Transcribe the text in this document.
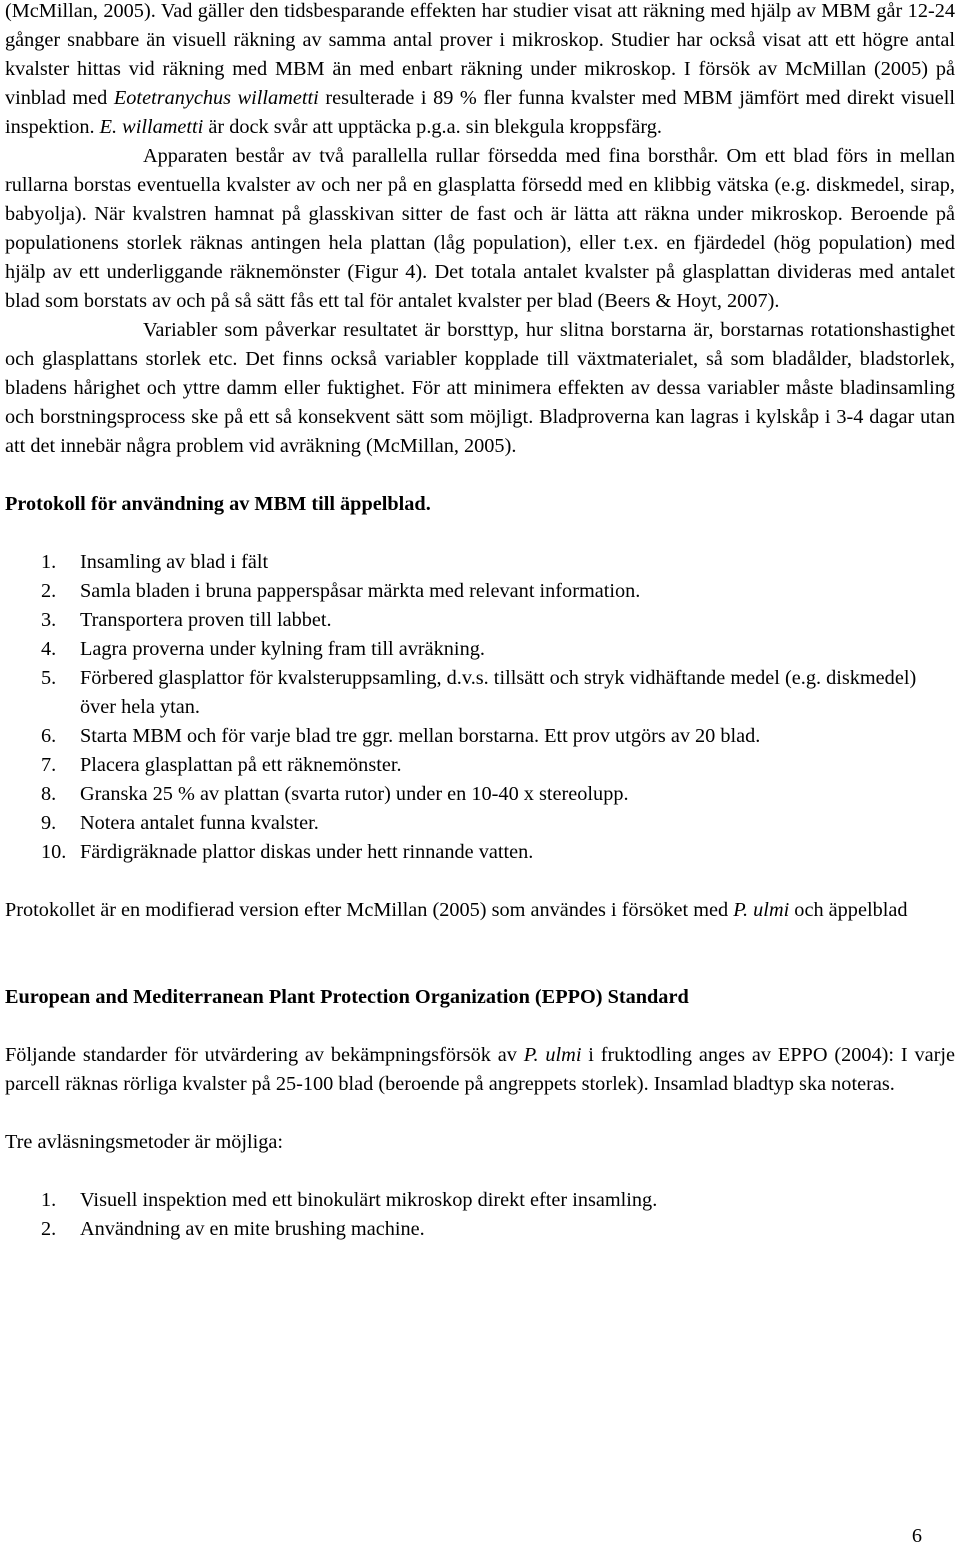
(McMillan, 2005). Vad gäller den tidsbesparande effekten har studier visat att räkning med hjälp av MBM går 12-24 gånger snabbare än visuell räkning av samma antal prover i mikroskop. Studier har också visat att ett högre antal kvalster hittas vid räkning med MBM än med enbart räkning under mikroskop. I försök av McMillan (2005) på vinblad med Eotetranychus willametti resulterade i 89 % fler funna kvalster med MBM jämfört med direkt visuell inspektion. E. willametti är dock svår att upptäcka p.g.a. sin blekgula kroppsfärg.

Apparaten består av två parallella rullar försedda med fina borsthår. Om ett blad förs in mellan rullarna borstas eventuella kvalster av och ner på en glasplatta försedd med en klibbig vätska (e.g. diskmedel, sirap, babyolja). När kvalstren hamnat på glasskivan sitter de fast och är lätta att räkna under mikroskop. Beroende på populationens storlek räknas antingen hela plattan (låg population), eller t.ex. en fjärdedel (hög population) med hjälp av ett underliggande räknemönster (Figur 4). Det totala antalet kvalster på glasplattan divideras med antalet blad som borstats av och på så sätt fås ett tal för antalet kvalster per blad (Beers & Hoyt, 2007).

Variabler som påverkar resultatet är borsttyp, hur slitna borstarna är, borstarnas rotationshastighet och glasplattans storlek etc. Det finns också variabler kopplade till växtmaterialet, så som bladålder, bladstorlek, bladens hårighet och yttre damm eller fuktighet. För att minimera effekten av dessa variabler måste bladinsamling och borstningsprocess ske på ett så konsekvent sätt som möjligt. Bladproverna kan lagras i kylskåp i 3-4 dagar utan att det innebär några problem vid avräkning (McMillan, 2005).

Protokoll för användning av MBM till äppelblad.

1.	Insamling av blad i fält
2.	Samla bladen i bruna papperspåsar märkta med relevant information.
3.	Transportera proven till labbet.
4.	Lagra proverna under kylning fram till avräkning.
5.	Förbered glasplattor för kvalsteruppsamling, d.v.s. tillsätt och stryk vidhäftande medel (e.g. diskmedel) över hela ytan.
6.	Starta MBM och för varje blad tre ggr. mellan borstarna. Ett prov utgörs av 20 blad.
7.	Placera glasplattan på ett räknemönster.
8.	Granska 25 % av plattan (svarta rutor) under en 10-40 x stereolupp.
9.	Notera antalet funna kvalster.
10. Färdigräknade plattor diskas under hett rinnande vatten.

Protokollet är en modifierad version efter McMillan (2005) som användes i försöket med P. ulmi och äppelblad

European and Mediterranean Plant Protection Organization (EPPO) Standard

Följande standarder för utvärdering av bekämpningsförsök av P. ulmi i fruktodling anges av EPPO (2004): I varje parcell räknas rörliga kvalster på 25-100 blad (beroende på angreppets storlek). Insamlad bladtyp ska noteras.

Tre avläsningsmetoder är möjliga:

1.	Visuell inspektion med ett binokulärt mikroskop direkt efter insamling.
2.	Användning av en mite brushing machine.
6
